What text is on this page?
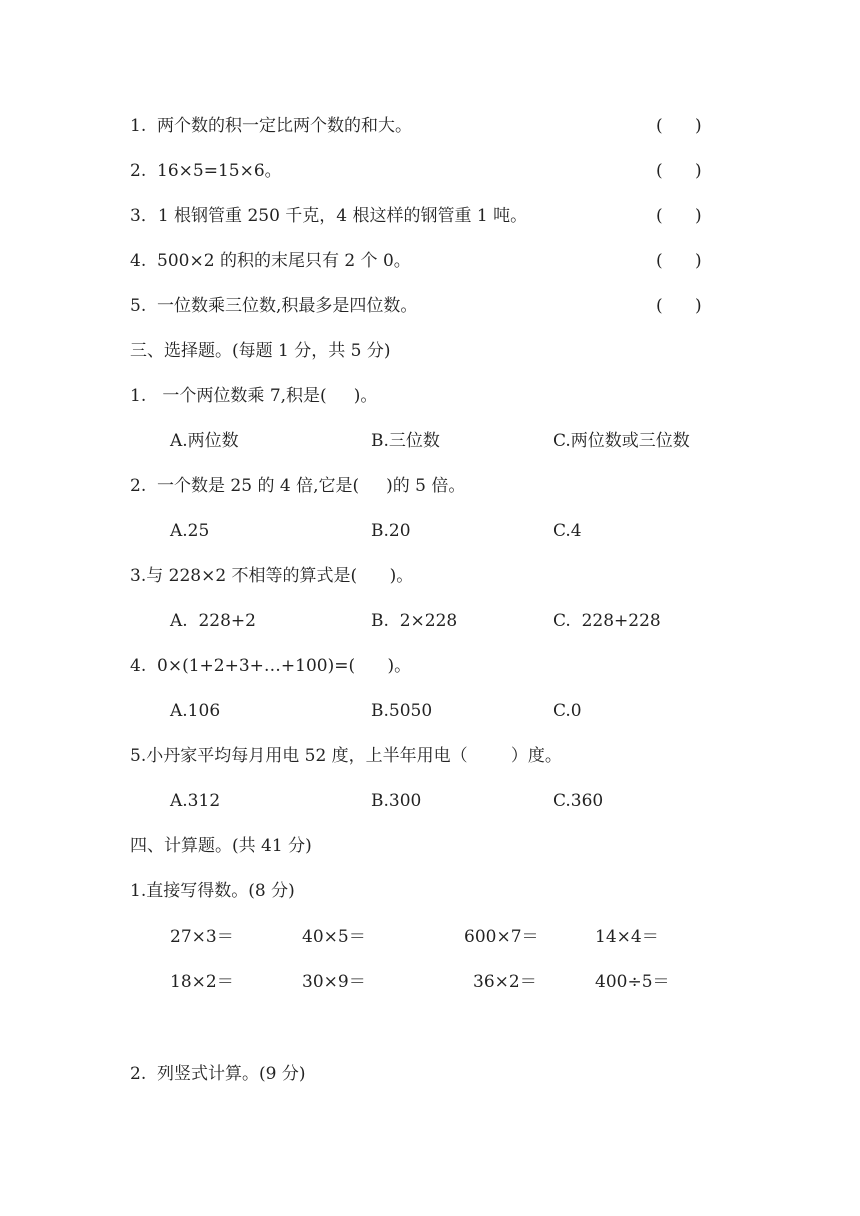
1.  两个数的积一定比两个数的和大。	(      )
2.  16×5=15×6。	(      )
3．1 根钢管重 250 千克，4 根这样的钢管重 1 吨。	(      )
4.  500×2 的积的末尾只有 2 个 0。	(      )
5.  一位数乘三位数,积最多是四位数。	(      )
三、选择题。(每题 1 分，共 5 分)
1.   一个两位数乘 7,积是(     )。
A.两位数	B.三位数	C.两位数或三位数
2.  一个数是 25 的 4 倍,它是(     )的 5 倍。
A.25	B.20	C.4
3.与 228×2 不相等的算式是(      )。
A.  228+2	B.  2×228	C.  228+228
4.  0×(1+2+3+…+100)=(      )。
A.106	B.5050	C.0
5.小丹家平均每月用电 52 度，上半年用电（        ）度。
A.312	B.300	C.360
四、计算题。(共 41 分)
1.直接写得数。(8 分)
27×3＝	40×5＝	600×7＝	14×4＝
18×2＝	30×9＝	36×2＝	400÷5＝
2.  列竖式计算。(9 分)
